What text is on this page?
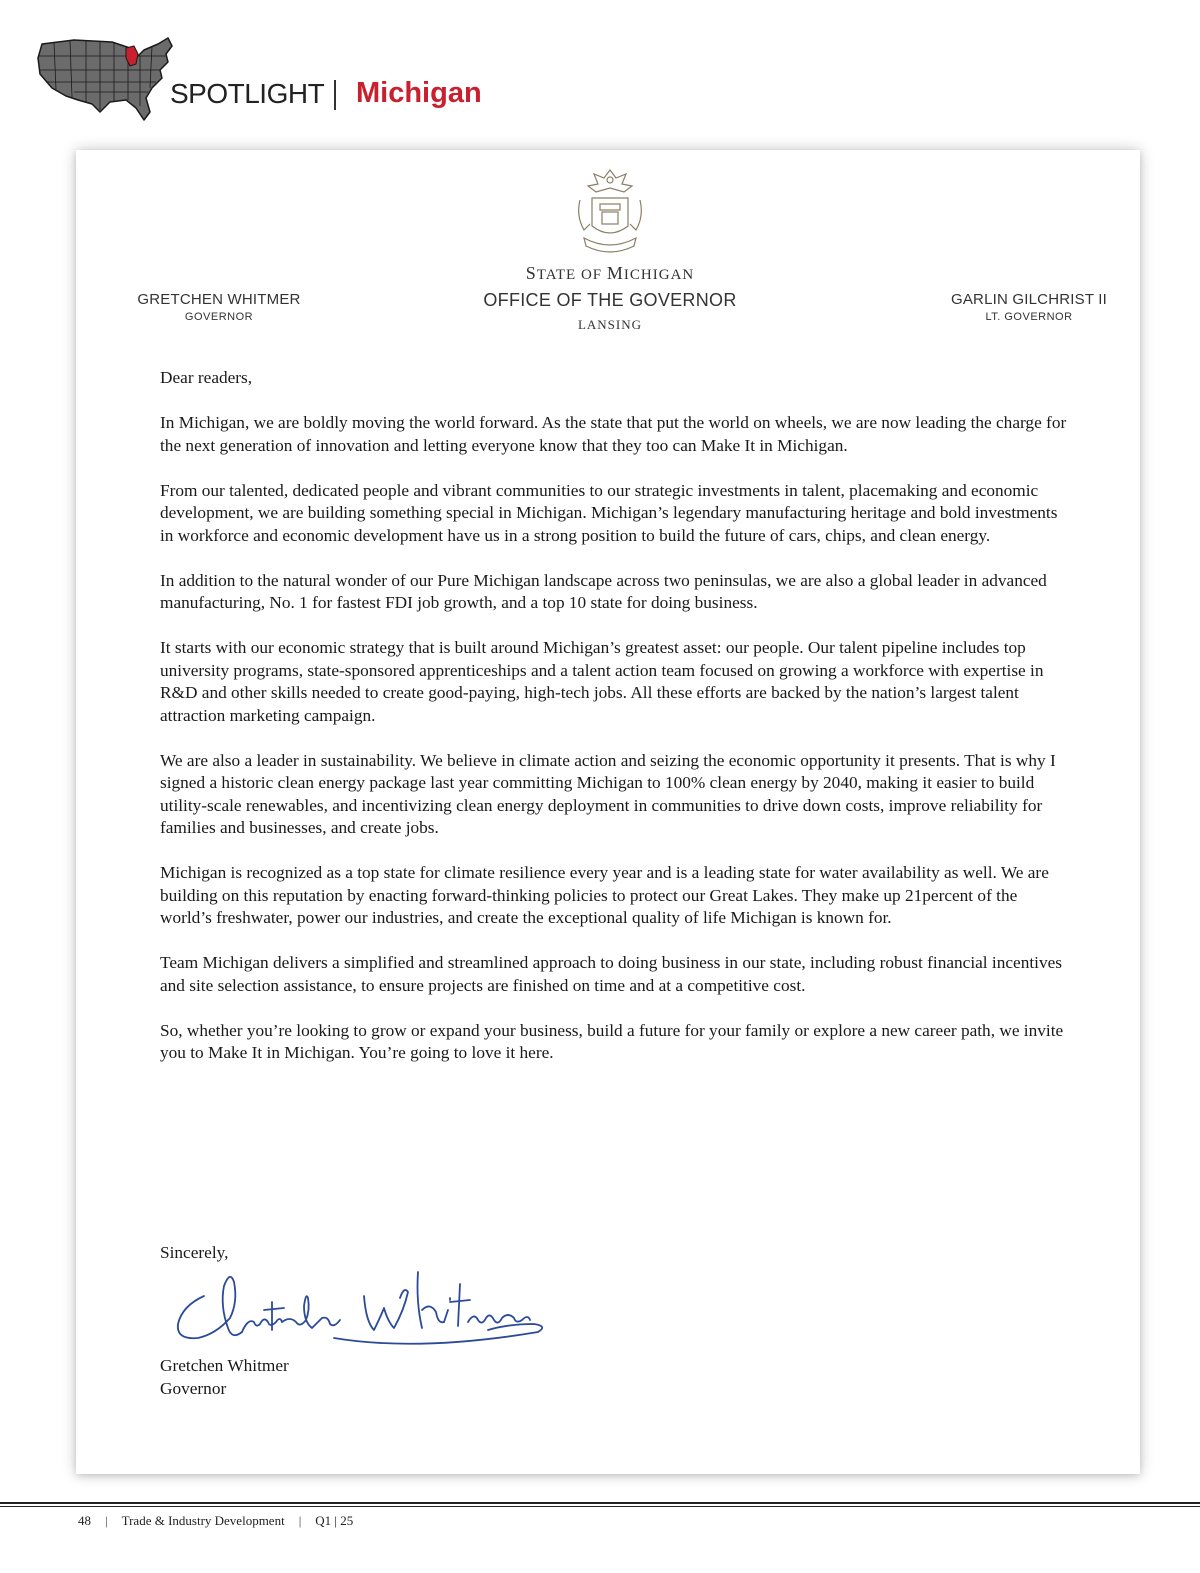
SPOTLIGHT Michigan
STATE OF MICHIGAN
OFFICE OF THE GOVERNOR
LANSING
GRETCHEN WHITMER
GOVERNOR
GARLIN GILCHRIST II
LT. GOVERNOR

Dear readers,

In Michigan, we are boldly moving the world forward. As the state that put the world on wheels, we are now leading the charge for the next generation of innovation and letting everyone know that they too can Make It in Michigan.

From our talented, dedicated people and vibrant communities to our strategic investments in talent, placemaking and economic development, we are building something special in Michigan. Michigan’s legendary manufacturing heritage and bold investments in workforce and economic development have us in a strong position to build the future of cars, chips, and clean energy.

In addition to the natural wonder of our Pure Michigan landscape across two peninsulas, we are also a global leader in advanced manufacturing, No. 1 for fastest FDI job growth, and a top 10 state for doing business.

It starts with our economic strategy that is built around Michigan’s greatest asset: our people. Our talent pipeline includes top university programs, state-sponsored apprenticeships and a talent action team focused on growing a workforce with expertise in R&D and other skills needed to create good-paying, high-tech jobs. All these efforts are backed by the nation’s largest talent attraction marketing campaign.

We are also a leader in sustainability. We believe in climate action and seizing the economic opportunity it presents. That is why I signed a historic clean energy package last year committing Michigan to 100% clean energy by 2040, making it easier to build utility-scale renewables, and incentivizing clean energy deployment in communities to drive down costs, improve reliability for families and businesses, and create jobs.

Michigan is recognized as a top state for climate resilience every year and is a leading state for water availability as well. We are building on this reputation by enacting forward-thinking policies to protect our Great Lakes. They make up 21percent of the world’s freshwater, power our industries, and create the exceptional quality of life Michigan is known for.

Team Michigan delivers a simplified and streamlined approach to doing business in our state, including robust financial incentives and site selection assistance, to ensure projects are finished on time and at a competitive cost.

So, whether you’re looking to grow or expand your business, build a future for your family or explore a new career path, we invite you to Make It in Michigan. You’re going to love it here.

Sincerely,
Gretchen Whitmer
Governor
48 | Trade & Industry Development | Q1 | 25
